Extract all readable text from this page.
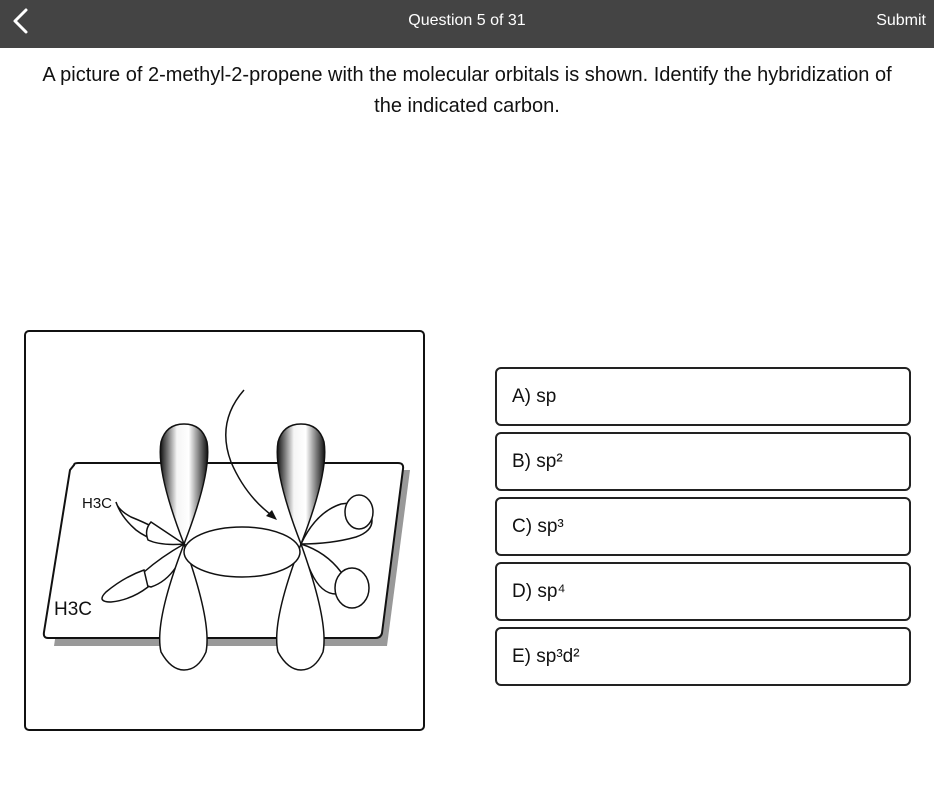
Question 5 of 31	Submit
A picture of 2-methyl-2-propene with the molecular orbitals is shown. Identify the hybridization of the indicated carbon.
H3C
H3C
A) sp
B) sp²
C) sp³
D) sp⁴
E) sp³d²
